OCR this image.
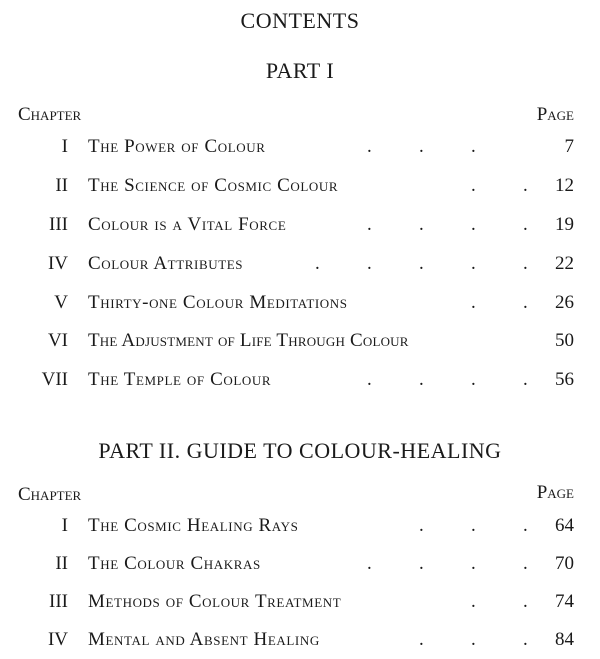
CONTENTS
PART I
Chapter	Page
I The Power of Colour	. . .	7
II The Science of Cosmic Colour	. . 12
III Colour is a Vital Force	. . . . 19
IV Colour Attributes	. . . . . 22
V Thirty-one Colour Meditations	. . 26
VI The Adjustment of Life Through Colour	50
VII The Temple of Colour	. . . . 56
PART II. GUIDE TO COLOUR-HEALING
Chapter	Page
I The Cosmic Healing Rays	. . . 64
II The Colour Chakras	. . . . 70
III Methods of Colour Treatment	. . 74
IV Mental and Absent Healing	. . . 84
